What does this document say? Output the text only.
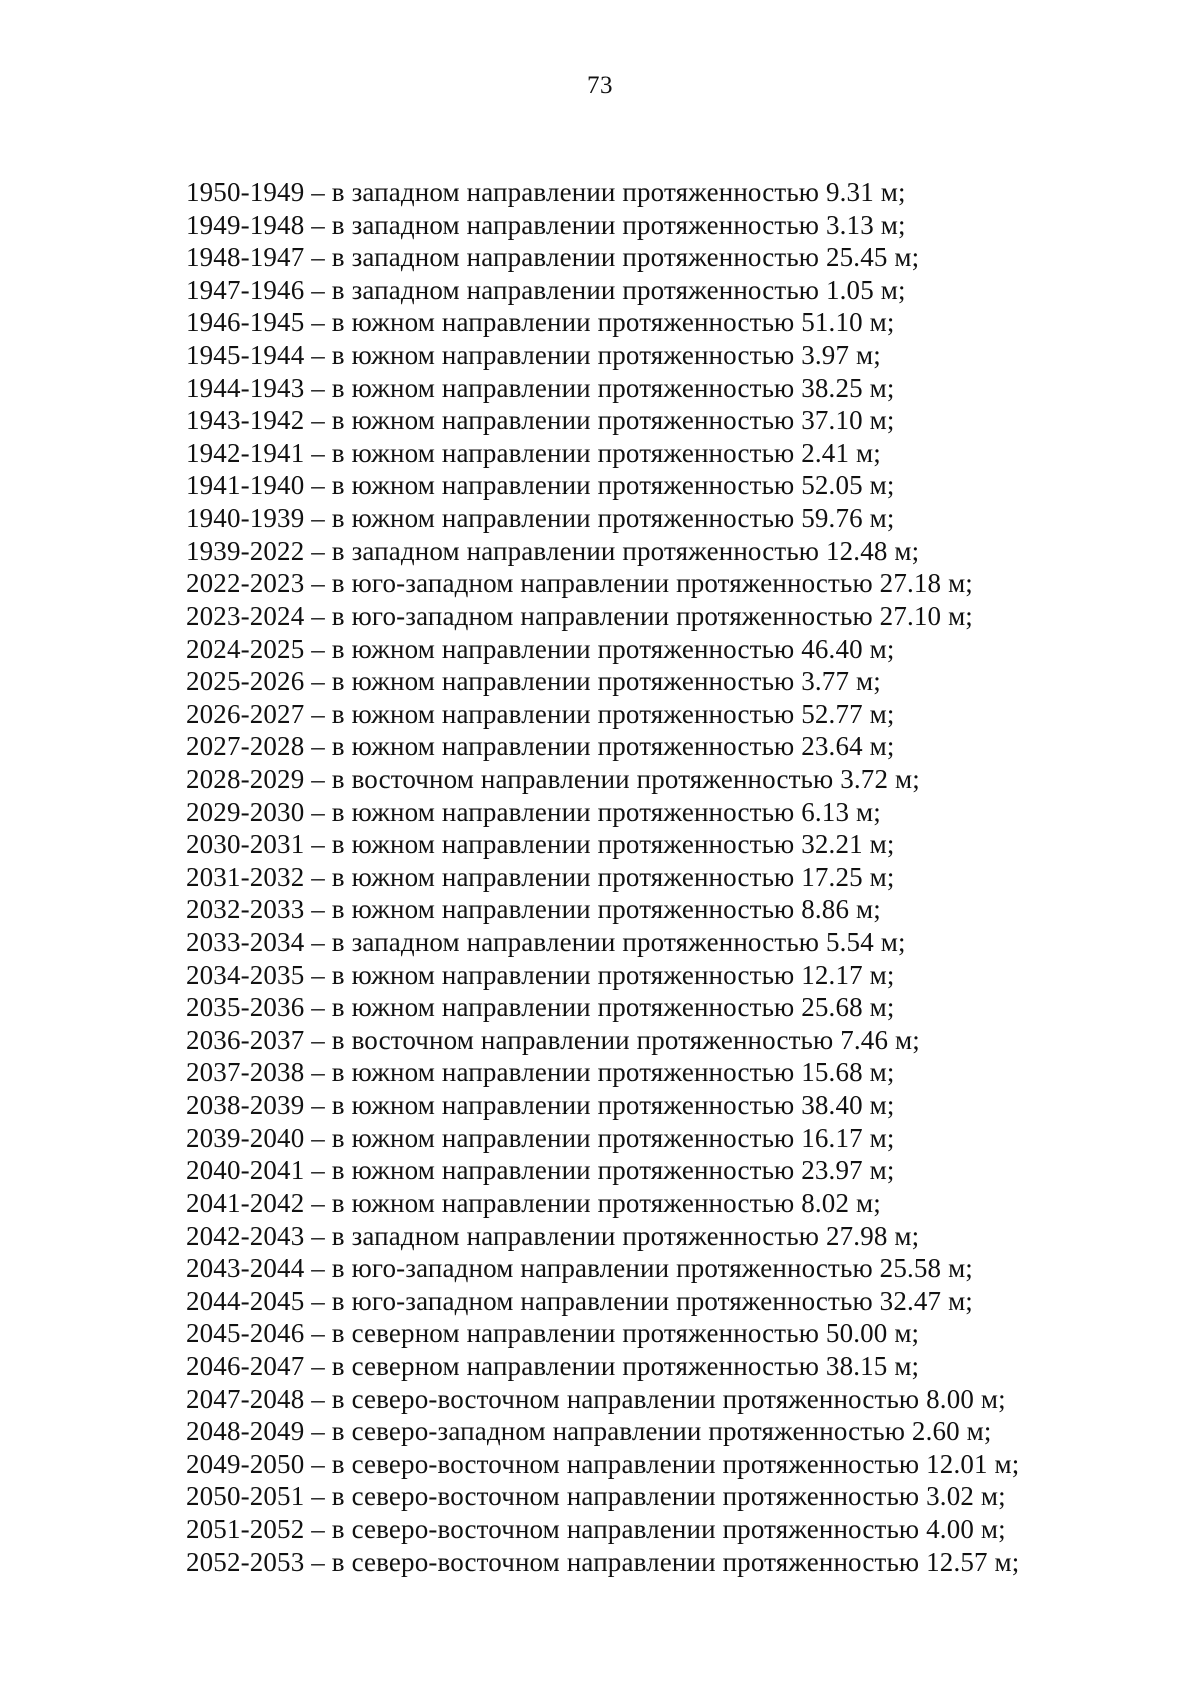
73
1950-1949 – в западном направлении протяженностью 9.31 м;
1949-1948 – в западном направлении протяженностью 3.13 м;
1948-1947 – в западном направлении протяженностью 25.45 м;
1947-1946 – в западном направлении протяженностью 1.05 м;
1946-1945 – в южном направлении протяженностью 51.10 м;
1945-1944 – в южном направлении протяженностью 3.97 м;
1944-1943 – в южном направлении протяженностью 38.25 м;
1943-1942 – в южном направлении протяженностью 37.10 м;
1942-1941 – в южном направлении протяженностью 2.41 м;
1941-1940 – в южном направлении протяженностью 52.05 м;
1940-1939 – в южном направлении протяженностью 59.76 м;
1939-2022 – в западном направлении протяженностью 12.48 м;
2022-2023 – в юго-западном направлении протяженностью 27.18 м;
2023-2024 – в юго-западном направлении протяженностью 27.10 м;
2024-2025 – в южном направлении протяженностью 46.40 м;
2025-2026 – в южном направлении протяженностью 3.77 м;
2026-2027 – в южном направлении протяженностью 52.77 м;
2027-2028 – в южном направлении протяженностью 23.64 м;
2028-2029 – в восточном направлении протяженностью 3.72 м;
2029-2030 – в южном направлении протяженностью 6.13 м;
2030-2031 – в южном направлении протяженностью 32.21 м;
2031-2032 – в южном направлении протяженностью 17.25 м;
2032-2033 – в южном направлении протяженностью 8.86 м;
2033-2034 – в западном направлении протяженностью 5.54 м;
2034-2035 – в южном направлении протяженностью 12.17 м;
2035-2036 – в южном направлении протяженностью 25.68 м;
2036-2037 – в восточном направлении протяженностью 7.46 м;
2037-2038 – в южном направлении протяженностью 15.68 м;
2038-2039 – в южном направлении протяженностью 38.40 м;
2039-2040 – в южном направлении протяженностью 16.17 м;
2040-2041 – в южном направлении протяженностью 23.97 м;
2041-2042 – в южном направлении протяженностью 8.02 м;
2042-2043 – в западном направлении протяженностью 27.98 м;
2043-2044 – в юго-западном направлении протяженностью 25.58 м;
2044-2045 – в юго-западном направлении протяженностью 32.47 м;
2045-2046 – в северном направлении протяженностью 50.00 м;
2046-2047 – в северном направлении протяженностью 38.15 м;
2047-2048 – в северо-восточном направлении протяженностью 8.00 м;
2048-2049 – в северо-западном направлении протяженностью 2.60 м;
2049-2050 – в северо-восточном направлении протяженностью 12.01 м;
2050-2051 – в северо-восточном направлении протяженностью 3.02 м;
2051-2052 – в северо-восточном направлении протяженностью 4.00 м;
2052-2053 – в северо-восточном направлении протяженностью 12.57 м;
